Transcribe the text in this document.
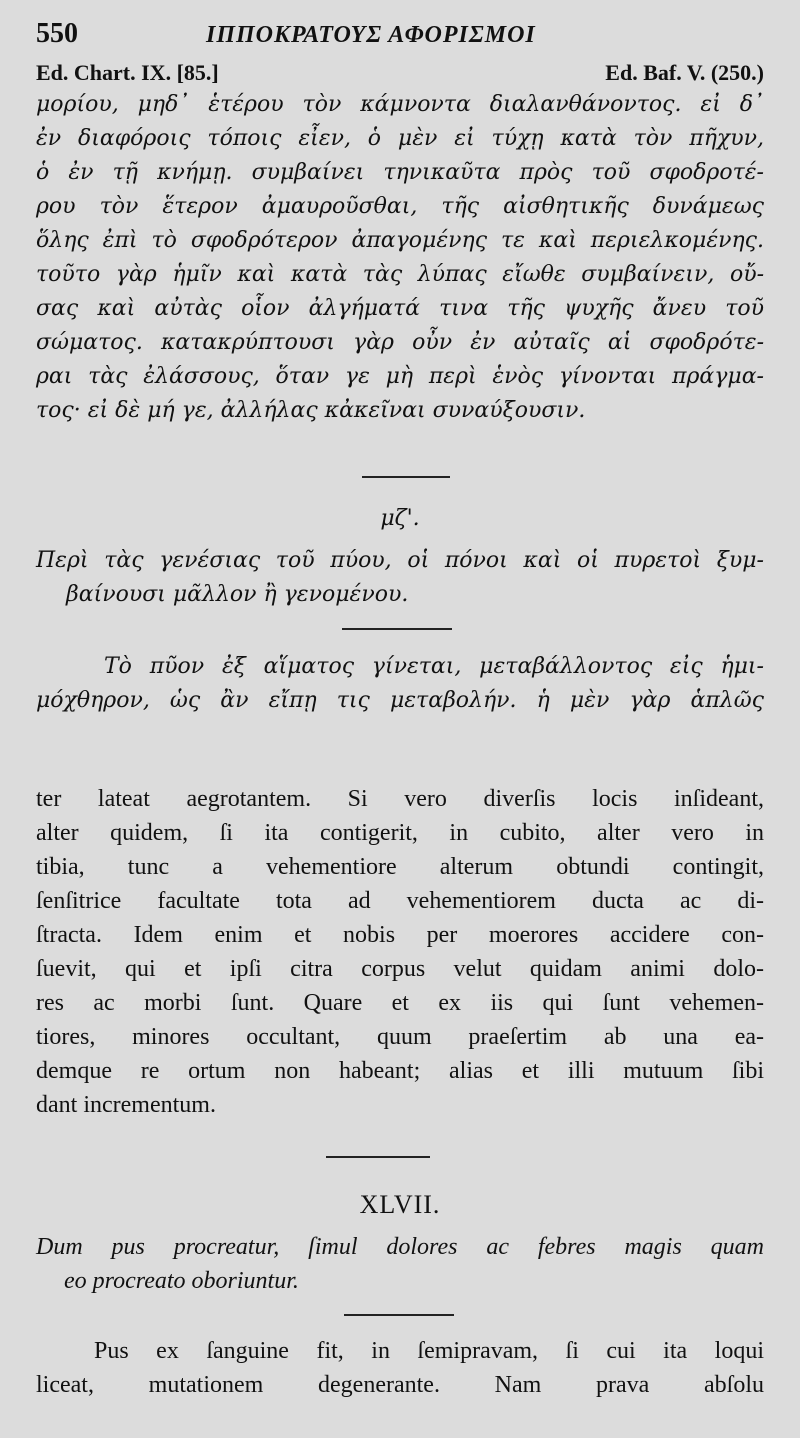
550	ΙΠΠΟΚΡΑΤΟΥΣ ΑΦΟΡΙΣΜΟΙ
Ed. Chart. IX. [85.]	Ed. Baf. V. (250.)
μορίου, μηδ᾽ ἑτέρου τὸν κάμνοντα διαλανθάνοντος. εἰ δ᾽
ἐν διαφόροις τόποις εἶεν, ὁ μὲν εἰ τύχῃ κατὰ τὸν πῆχυν,
ὁ ἐν τῇ κνήμῃ. συμβαίνει τηνικαῦτα πρὸς τοῦ σφοδροτέ-
ρου τὸν ἕτερον ἀμαυροῦσθαι, τῆς αἰσθητικῆς δυνάμεως
ὅλης ἐπὶ τὸ σφοδρότερον ἀπαγομένης τε καὶ περιελκομένης.
τοῦτο γὰρ ἡμῖν καὶ κατὰ τὰς λύπας εἴωθε συμβαίνειν, οὔ-
σας καὶ αὐτὰς οἷον ἀλγήματά τινα τῆς ψυχῆς ἄνευ τοῦ
σώματος. κατακρύπτουσι γὰρ οὖν ἐν αὐταῖς αἱ σφοδρότε-
ραι τὰς ἐλάσσους, ὅταν γε μὴ περὶ ἑνὸς γίνονται πράγμα-
τος· εἰ δὲ μή γε, ἀλλήλας κἀκεῖναι συναύξουσιν.
μζ'.
Περὶ τὰς γενέσιας τοῦ πύου, οἱ πόνοι καὶ οἱ πυρετοὶ ξυμ-
βαίνουσι μᾶλλον ἢ γενομένου.
Τὸ πῦον ἐξ αἵματος γίνεται, μεταβάλλοντος εἰς ἡμι-
μόχθηρον, ὡς ἂν εἴπῃ τις μεταβολήν. ἡ μὲν γὰρ ἁπλῶς
ter lateat aegrotantem. Si vero diverſis locis inſideant,
alter quidem, ſi ita contigerit, in cubito, alter vero in
tibia, tunc a vehementiore alterum obtundi contingit,
ſenſitrice facultate tota ad vehementiorem ducta ac di-
ſtracta. Idem enim et nobis per moerores accidere con-
ſuevit, qui et ipſi citra corpus velut quidam animi dolo-
res ac morbi ſunt. Quare et ex iis qui ſunt vehemen-
tiores, minores occultant, quum praeſertim ab una ea-
demque re ortum non habeant; alias et illi mutuum ſibi
dant incrementum.
XLVII.
Dum pus procreatur, ſimul dolores ac febres magis quam
eo procreato oboriuntur.
Pus ex ſanguine fit, in ſemipravam, ſi cui ita loqui
liceat, mutationem degenerante. Nam prava abſolu
